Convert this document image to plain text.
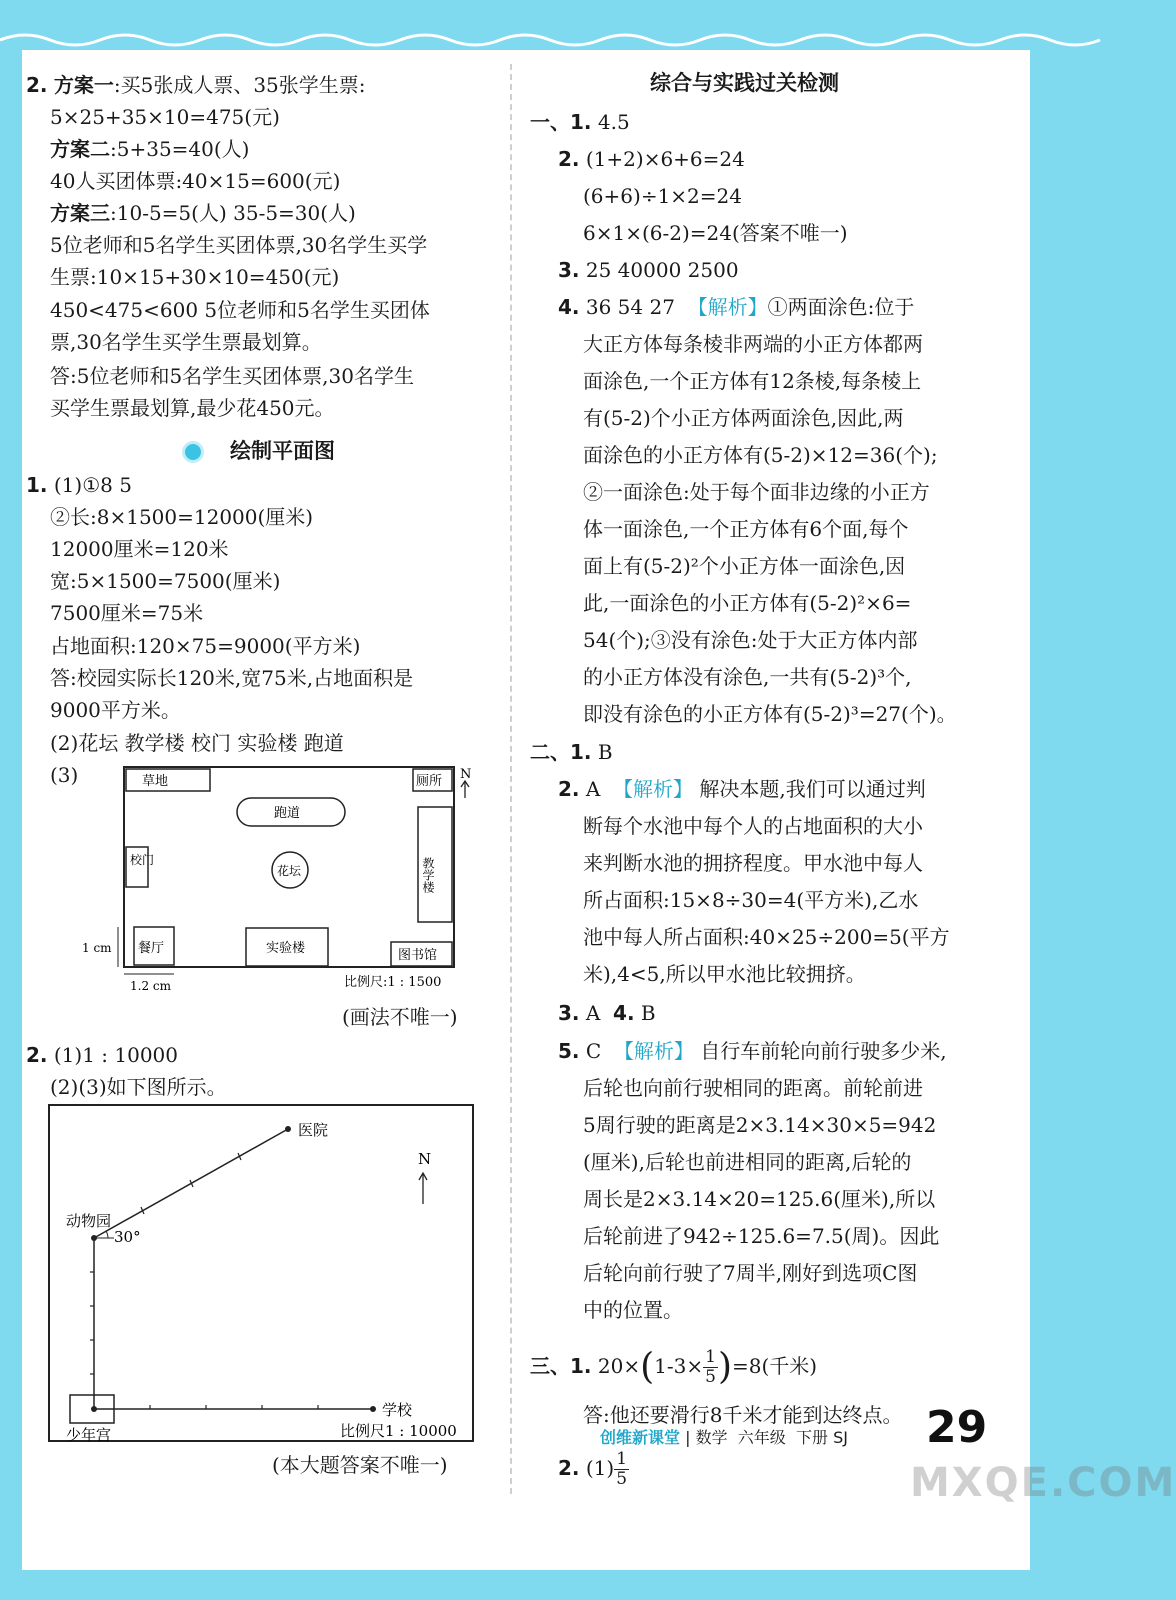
2. 方案一:买5张成人票、35张学生票:
5×25+35×10=475(元)
方案二:5+35=40(人)
40人买团体票:40×15=600(元)
方案三:10-5=5(人) 35-5=30(人)
5位老师和5名学生买团体票,30名学生买学
生票:10×15+30×10=450(元)
450<475<600 5位老师和5名学生买团体
票,30名学生买学生票最划算。
答:5位老师和5名学生买团体票,30名学生
买学生票最划算,最少花450元。
绘制平面图
1. (1)①8 5
②长:8×1500=12000(厘米)
12000厘米=120米
宽:5×1500=7500(厘米)
7500厘米=75米
占地面积:120×75=9000(平方米)
答:校园实际长120米,宽75米,占地面积是
9000平方米。
(2)花坛 教学楼 校门 实验楼 跑道
(3)	草地	厕所 N
跑道
校门
花坛	教学楼
餐厅	实验楼	图书馆
1 cm
1.2 cm	比例尺:1 : 1500
(画法不唯一)
2. (1)1 : 10000
(2)(3)如下图所示。
医院
动物园
30°
N
学校
少年宫	比例尺1 : 10000
(本大题答案不唯一)
综合与实践过关检测
一、1. 4.5
2. (1+2)×6+6=24
(6+6)÷1×2=24
6×1×(6-2)=24(答案不唯一)
3. 25 40000 2500
4. 36 54 27 【解析】①两面涂色:位于
大正方体每条棱非两端的小正方体都两
面涂色,一个正方体有12条棱,每条棱上
有(5-2)个小正方体两面涂色,因此,两
面涂色的小正方体有(5-2)×12=36(个);
②一面涂色:处于每个面非边缘的小正方
体一面涂色,一个正方体有6个面,每个
面上有(5-2)²个小正方体一面涂色,因
此,一面涂色的小正方体有(5-2)²×6=
54(个);③没有涂色:处于大正方体内部
的小正方体没有涂色,一共有(5-2)³个,
即没有涂色的小正方体有(5-2)³=27(个)。
二、1. B
2. A 【解析】 解决本题,我们可以通过判
断每个水池中每个人的占地面积的大小
来判断水池的拥挤程度。甲水池中每人
所占面积:15×8÷30=4(平方米),乙水
池中每人所占面积:40×25÷200=5(平方
米),4<5,所以甲水池比较拥挤。
3. A 4. B
5. C 【解析】 自行车前轮向前行驶多少米,
后轮也向前行驶相同的距离。前轮前进
5周行驶的距离是2×3.14×30×5=942
(厘米),后轮也前进相同的距离,后轮的
周长是2×3.14×20=125.6(厘米),所以
后轮前进了942÷125.6=7.5(周)。因此
后轮向前行驶了7周半,刚好到选项C图
中的位置。
三、1. $20\times(1-3\times \frac{1}{5} )=8$(千米)
答:他还要滑行8千米才能到达终点。
2. $(1) \frac{1}{5}$
创维新课堂 | 数学 六年级 下册 SJ 29
MXQE.COM
